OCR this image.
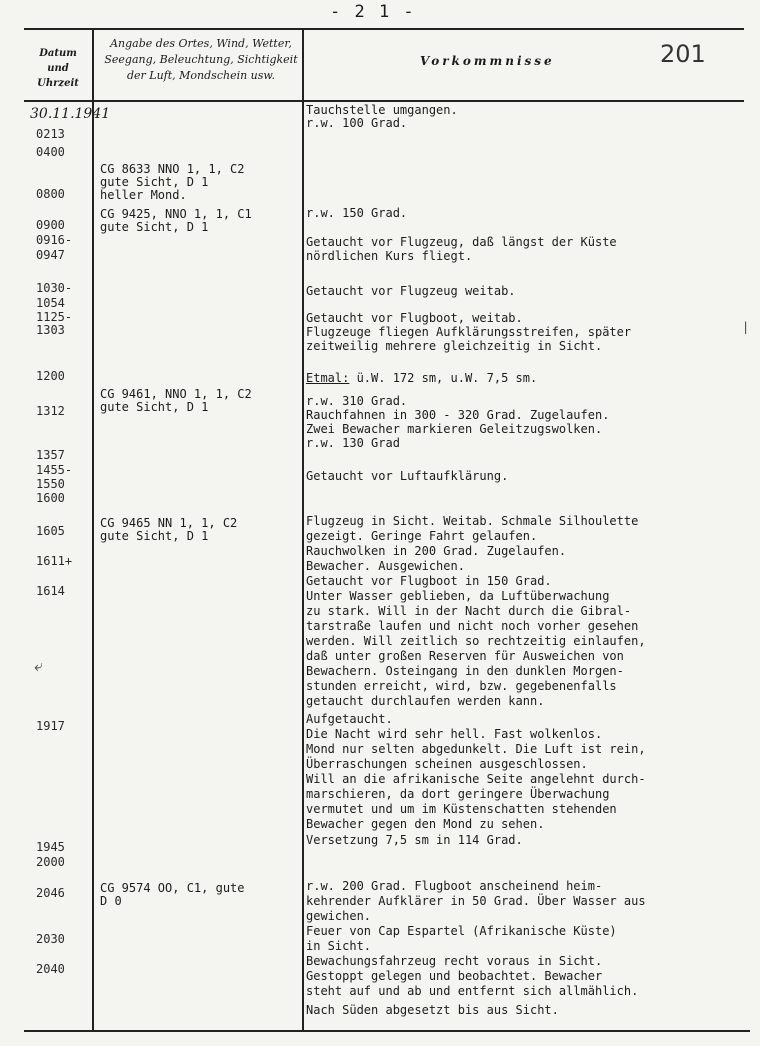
- 2 1 -
Datum
und
Uhrzeit
Angabe des Ortes, Wind, Wetter,
Seegang, Beleuchtung, Sichtigkeit
der Luft, Mondschein usw.
Vorkommnisse	201
30.11.1941
0213
0400
0800
0900
0916-
0947
1030-
1054
1125-
1303
1200
1312
1357
1455-
1550
1600
1605
1611+
1614
1917
1945
2000
2046
2030
2040

CG 8633 NNO 1, 1, C2
gute Sicht, D 1
heller Mond.

CG 9425, NNO 1, 1, C1
gute Sicht, D 1

CG 9461, NNO 1, 1, C2
gute Sicht, D 1

CG 9465 NN 1, 1, C2
gute Sicht, D 1

CG 9574 OO, C1, gute
D 0

Tauchstelle umgangen.
r.w. 100 Grad.
r.w. 150 Grad.
Getaucht vor Flugzeug, daß längst der Küste
nördlichen Kurs fliegt.
Getaucht vor Flugzeug weitab.
Getaucht vor Flugboot, weitab.
Flugzeuge fliegen Aufklärungsstreifen, später
zeitweilig mehrere gleichzeitig in Sicht.
Etmal: ü.W. 172 sm, u.W. 7,5 sm.
r.w. 310 Grad.
Rauchfahnen in 300 - 320 Grad. Zugelaufen.
Zwei Bewacher markieren Geleitzugswolken.
r.w. 130 Grad
Getaucht vor Luftaufklärung.
Flugzeug in Sicht. Weitab. Schmale Silhoulette
gezeigt. Geringe Fahrt gelaufen.
Rauchwolken in 200 Grad. Zugelaufen.
Bewacher. Ausgewichen.
Getaucht vor Flugboot in 150 Grad.
Unter Wasser geblieben, da Luftüberwachung
zu stark. Will in der Nacht durch die Gibral-
tarstraße laufen und nicht noch vorher gesehen
werden. Will zeitlich so rechtzeitig einlaufen,
daß unter großen Reserven für Ausweichen von
Bewachern. Osteingang in den dunklen Morgen-
stunden erreicht, wird, bzw. gegebenenfalls
getaucht durchlaufen werden kann.
Aufgetaucht.
Die Nacht wird sehr hell. Fast wolkenlos.
Mond nur selten abgedunkelt. Die Luft ist rein,
Überraschungen scheinen ausgeschlossen.
Will an die afrikanische Seite angelehnt durch-
marschieren, da dort geringere Überwachung
vermutet und um im Küstenschatten stehenden
Bewacher gegen den Mond zu sehen.
Versetzung 7,5 sm in 114 Grad.
r.w. 200 Grad. Flugboot anscheinend heim-
kehrender Aufklärer in 50 Grad. Über Wasser aus
gewichen.
Feuer von Cap Espartel (Afrikanische Küste)
in Sicht.
Bewachungsfahrzeug recht voraus in Sicht.
Gestoppt gelegen und beobachtet. Bewacher
steht auf und ab und entfernt sich allmählich.
Nach Süden abgesetzt bis aus Sicht.
⤶
|
